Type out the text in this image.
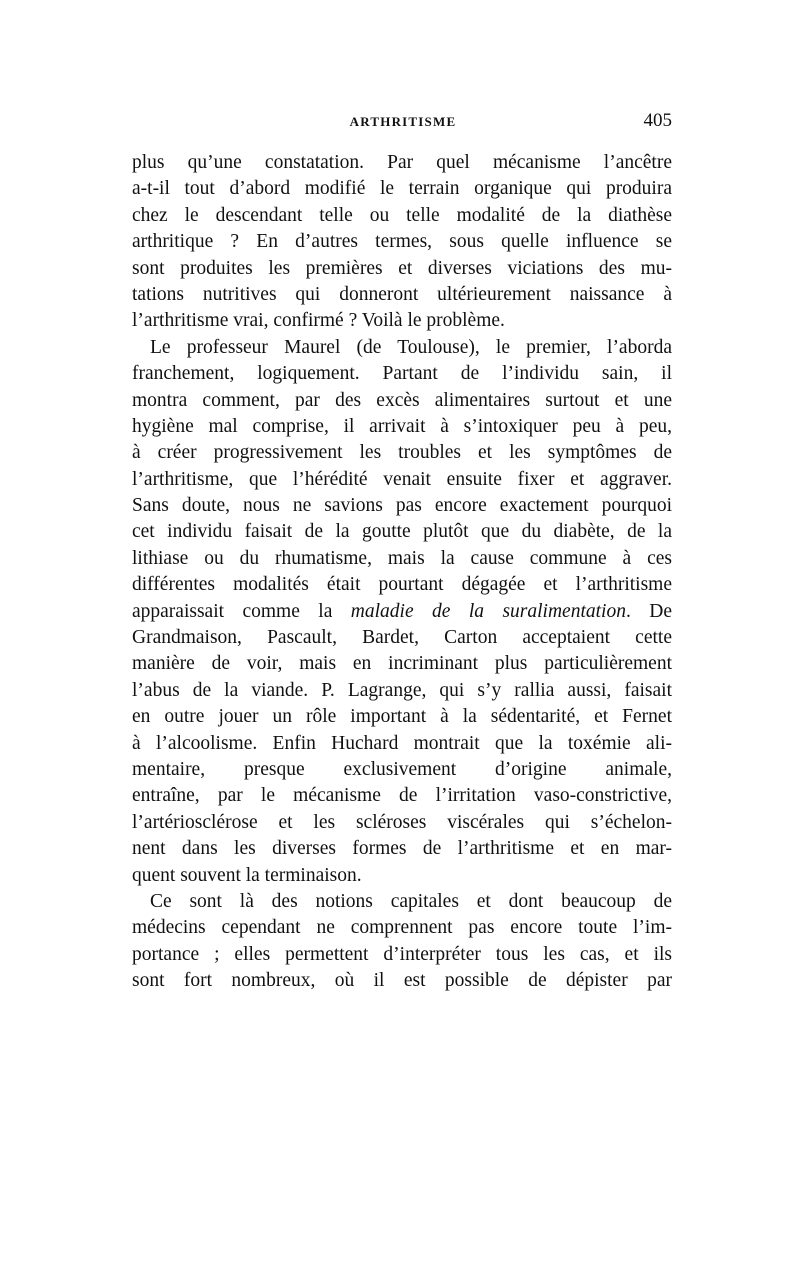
ARTHRITISME	405
plus qu’une constatation. Par quel mécanisme l’ancêtre
a-t-il tout d’abord modifié le terrain organique qui produira
chez le descendant telle ou telle modalité de la diathèse
arthritique ? En d’autres termes, sous quelle influence se
sont produites les premières et diverses viciations des mu-
tations nutritives qui donneront ultérieurement naissance à
l’arthritisme vrai, confirmé ? Voilà le problème.
Le professeur Maurel (de Toulouse), le premier, l’aborda
franchement, logiquement. Partant de l’individu sain, il
montra comment, par des excès alimentaires surtout et une
hygiène mal comprise, il arrivait à s’intoxiquer peu à peu,
à créer progressivement les troubles et les symptômes de
l’arthritisme, que l’hérédité venait ensuite fixer et aggraver.
Sans doute, nous ne savions pas encore exactement pourquoi
cet individu faisait de la goutte plutôt que du diabète, de la
lithiase ou du rhumatisme, mais la cause commune à ces
différentes modalités était pourtant dégagée et l’arthritisme
apparaissait comme la maladie de la suralimentation. De
Grandmaison, Pascault, Bardet, Carton acceptaient cette
manière de voir, mais en incriminant plus particulièrement
l’abus de la viande. P. Lagrange, qui s’y rallia aussi, faisait
en outre jouer un rôle important à la sédentarité, et Fernet
à l’alcoolisme. Enfin Huchard montrait que la toxémie ali-
mentaire, presque exclusivement d’origine animale,
entraîne, par le mécanisme de l’irritation vaso-constrictive,
l’artériosclérose et les scléroses viscérales qui s’échelon-
nent dans les diverses formes de l’arthritisme et en mar-
quent souvent la terminaison.
Ce sont là des notions capitales et dont beaucoup de
médecins cependant ne comprennent pas encore toute l’im-
portance ; elles permettent d’interpréter tous les cas, et ils
sont fort nombreux, où il est possible de dépister par
